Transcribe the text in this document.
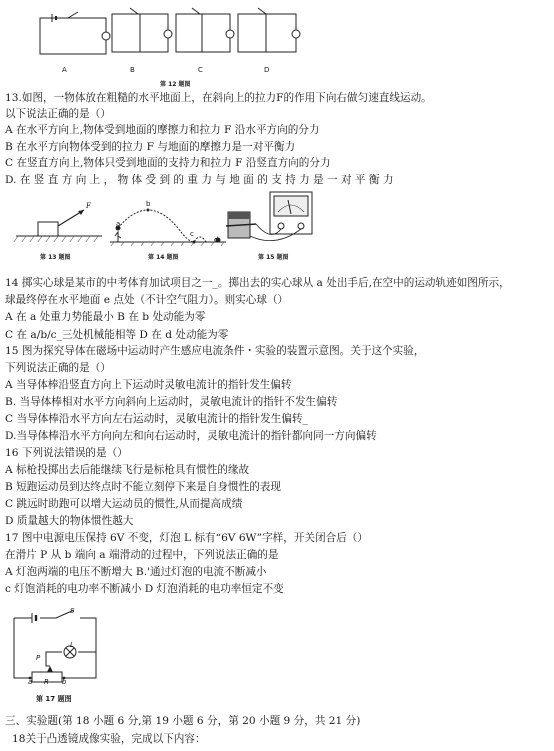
A	B	C	D
第 12 题图
13.如图，一物体放在粗糙的水平地面上，在斜向上的拉力F的作用下向右做匀速直线运动。
以下说法正确的是（）
A 在水平方向上,物体受到地面的摩擦力和拉力 F 沿水平方向的分力
B 在水平方向物体受到的拉力 F 与地面的摩擦力是一对平衡力
C 在竖直方向上,物体只受到地面的支持力和拉力 F 沿竖直方向的分力
D. 在 竖 直 方 向 上 ， 物 体 受 到 的 重 力 与 地 面 的 支 持 力 是 一 对 平 衡 力
F
第 13 题图
a
b
c
d
第 14 题图	第 15 题图
14 掷实心球是某市的中考体育加试项目之一_。掷出去的实心球从 a 处出手后,在空中的运动轨迹如图所示，
球最终停在水平地面 e 点处（不计空气阻力）。则实心球（）
A 在 a 处重力势能最小 B 在 b 处动能为零
C 在 a/b/c_三处机械能相等 D 在 d 处动能为零
15 图为探究导体在磁场中运动时产生感应电流条件・实验的装置示意图。关于这个实验，
下列说法正确的是（）
A 当导体棒沿竖直方向上下运动时灵敏电流计的指针发生偏转
B. 当导体棒相对水平方向斜向上运动时，灵敏电流计的指针不发生偏转
C 当导体棒沿水平方向左右运动时，灵敏电流计的指针发生偏转_
D.当导体棒沿水平方向向左和向右运动时，灵敏电流计的指针都向同一方向偏转
16 下列说法错误的是（）
A 标枪投掷出去后能继续飞行是标枪具有惯性的缘故
B 短跑运动员到达终点时不能立刻停下来是自身惯性的表现
C 跳远时助跑可以增大运动员的惯性,从而提高成绩
D 质量越大的物体惯性越大
17 图中电源电压保持 6V 不变，灯泡 L 标有“6V 6W”字样，开关闭合后（）
在滑片 P 从 b 端向 a 端滑动的过程中，下列说法正确的是
A 灯泡两端的电压不断增大 B.'通过灯泡的电流不断减小
c 灯饱消耗的电功率不断减小 D 灯泡消耗的电功率恒定不变
S
L
P
a R b
第 17 题图
三、实验题(第 18 小题 6 分,第 19 小题 6 分，第 20 小题 9 分，共 21 分)
18关于凸透镜成像实验，完成以下内容：
